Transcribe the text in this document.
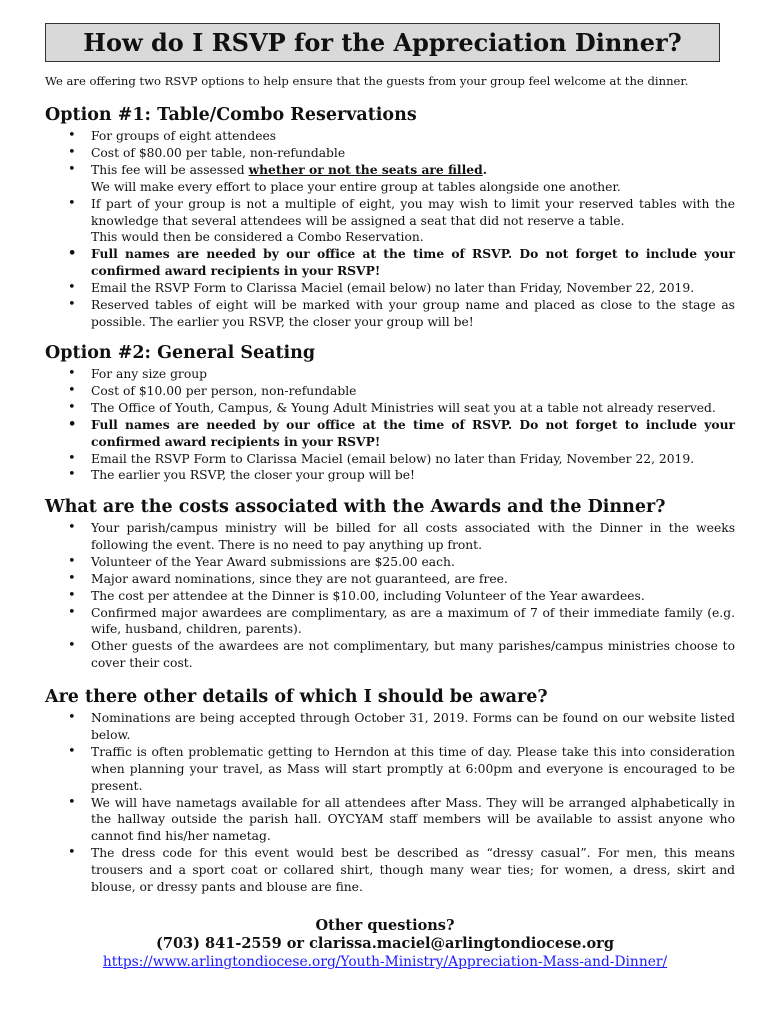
How do I RSVP for the Appreciation Dinner?
We are offering two RSVP options to help ensure that the guests from your group feel welcome at the dinner.
Option #1: Table/Combo Reservations
• For groups of eight attendees
• Cost of $80.00 per table, non-refundable
• This fee will be assessed whether or not the seats are filled.
We will make every effort to place your entire group at tables alongside one another.
• If part of your group is not a multiple of eight, you may wish to limit your reserved tables with the knowledge that several attendees will be assigned a seat that did not reserve a table.
This would then be considered a Combo Reservation.
• Full names are needed by our office at the time of RSVP. Do not forget to include your confirmed award recipients in your RSVP!
• Email the RSVP Form to Clarissa Maciel (email below) no later than Friday, November 22, 2019.
• Reserved tables of eight will be marked with your group name and placed as close to the stage as possible. The earlier you RSVP, the closer your group will be!
Option #2: General Seating
• For any size group
• Cost of $10.00 per person, non-refundable
• The Office of Youth, Campus, & Young Adult Ministries will seat you at a table not already reserved.
• Full names are needed by our office at the time of RSVP. Do not forget to include your confirmed award recipients in your RSVP!
• Email the RSVP Form to Clarissa Maciel (email below) no later than Friday, November 22, 2019.
• The earlier you RSVP, the closer your group will be!
What are the costs associated with the Awards and the Dinner?
• Your parish/campus ministry will be billed for all costs associated with the Dinner in the weeks following the event. There is no need to pay anything up front.
• Volunteer of the Year Award submissions are $25.00 each.
• Major award nominations, since they are not guaranteed, are free.
• The cost per attendee at the Dinner is $10.00, including Volunteer of the Year awardees.
• Confirmed major awardees are complimentary, as are a maximum of 7 of their immediate family (e.g. wife, husband, children, parents).
• Other guests of the awardees are not complimentary, but many parishes/campus ministries choose to cover their cost.
Are there other details of which I should be aware?
• Nominations are being accepted through October 31, 2019. Forms can be found on our website listed below.
• Traffic is often problematic getting to Herndon at this time of day. Please take this into consideration when planning your travel, as Mass will start promptly at 6:00pm and everyone is encouraged to be present.
• We will have nametags available for all attendees after Mass. They will be arranged alphabetically in the hallway outside the parish hall. OYCYAM staff members will be available to assist anyone who cannot find his/her nametag.
• The dress code for this event would best be described as “dressy casual”. For men, this means trousers and a sport coat or collared shirt, though many wear ties; for women, a dress, skirt and blouse, or dressy pants and blouse are fine.
Other questions?
(703) 841-2559 or clarissa.maciel@arlingtondiocese.org
https://www.arlingtondiocese.org/Youth-Ministry/Appreciation-Mass-and-Dinner/
